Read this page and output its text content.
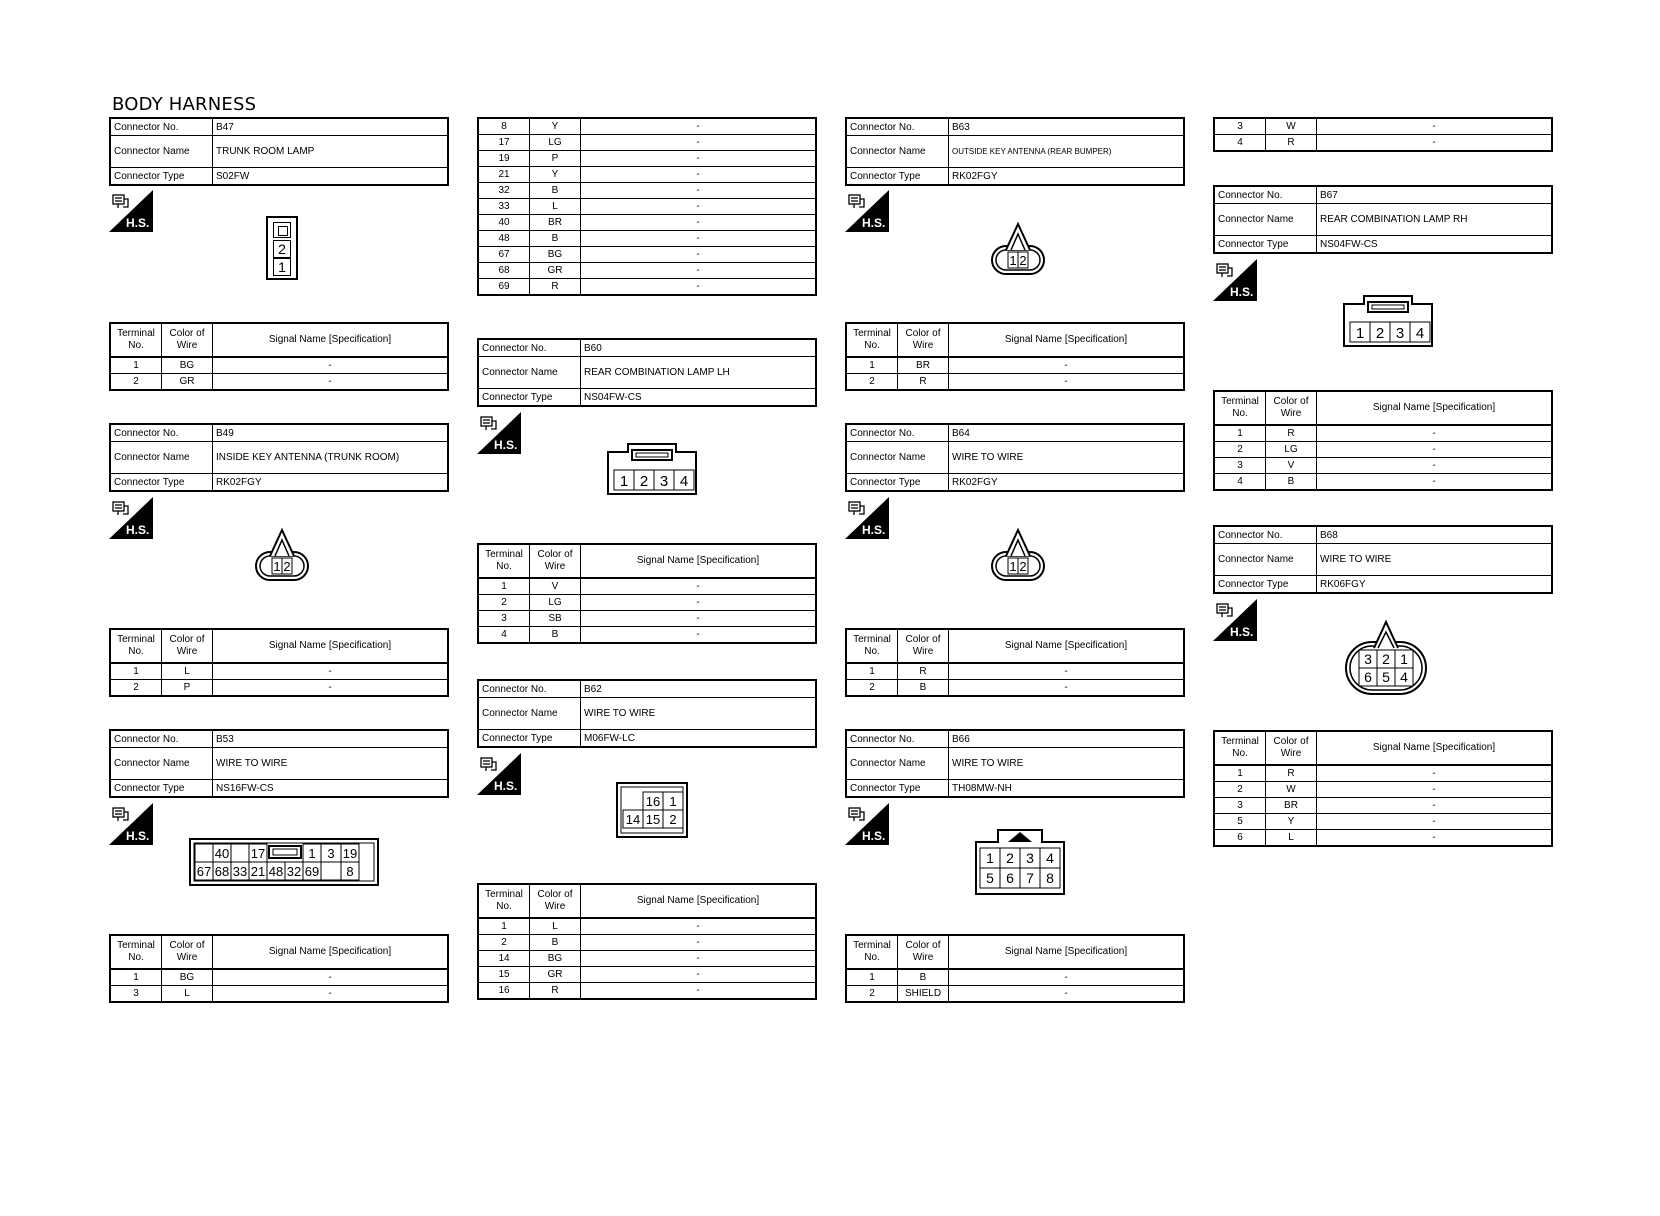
BODY HARNESS
Connector No.	B47
Connector Name	TRUNK ROOM LAMP
Connector Type	S02FW
H.S.
2
1
Terminal No.	Color of Wire	Signal Name [Specification]
1	BG	-
2	GR	-
Connector No.	B49
Connector Name	INSIDE KEY ANTENNA (TRUNK ROOM)
Connector Type	RK02FGY
H.S.
1 2
Terminal No.	Color of Wire	Signal Name [Specification]
1	L	-
2	P	-
Connector No.	B53
Connector Name	WIRE TO WIRE
Connector Type	NS16FW-CS
H.S.
40 17	1 3 19
67 68 33 21 48 32 69 8
Terminal No.	Color of Wire	Signal Name [Specification]
1	BG	-
3	L	-
8	Y	-
17	LG	-
19	P	-
21	Y	-
32	B	-
33	L	-
40	BR	-
48	B	-
67	BG	-
68	GR	-
69	R	-
Connector No.	B60
Connector Name	REAR COMBINATION LAMP LH
Connector Type	NS04FW-CS
H.S.
1 2 3 4
Terminal No.	Color of Wire	Signal Name [Specification]
1	V	-
2	LG	-
3	SB	-
4	B	-
Connector No.	B62
Connector Name	WIRE TO WIRE
Connector Type	M06FW-LC
H.S.
16 1
14 15 2
Terminal No.	Color of Wire	Signal Name [Specification]
1	L	-
2	B	-
14	BG	-
15	GR	-
16	R	-
Connector No.	B63
Connector Name	OUTSIDE KEY ANTENNA (REAR BUMPER)
Connector Type	RK02FGY
H.S.
1 2
Terminal No.	Color of Wire	Signal Name [Specification]
1	BR	-
2	R	-
Connector No.	B64
Connector Name	WIRE TO WIRE
Connector Type	RK02FGY
H.S.
1 2
Terminal No.	Color of Wire	Signal Name [Specification]
1	R	-
2	B	-
Connector No.	B66
Connector Name	WIRE TO WIRE
Connector Type	TH08MW-NH
H.S.
1 2 3 4
5 6 7 8
Terminal No.	Color of Wire	Signal Name [Specification]
1	B	-
2	SHIELD	-
3	W	-
4	R	-
Connector No.	B67
Connector Name	REAR COMBINATION LAMP RH
Connector Type	NS04FW-CS
H.S.
1 2 3 4
Terminal No.	Color of Wire	Signal Name [Specification]
1	R	-
2	LG	-
3	V	-
4	B	-
Connector No.	B68
Connector Name	WIRE TO WIRE
Connector Type	RK06FGY
H.S.
3 2 1
6 5 4
Terminal No.	Color of Wire	Signal Name [Specification]
1	R	-
2	W	-
3	BR	-
5	Y	-
6	L	-
